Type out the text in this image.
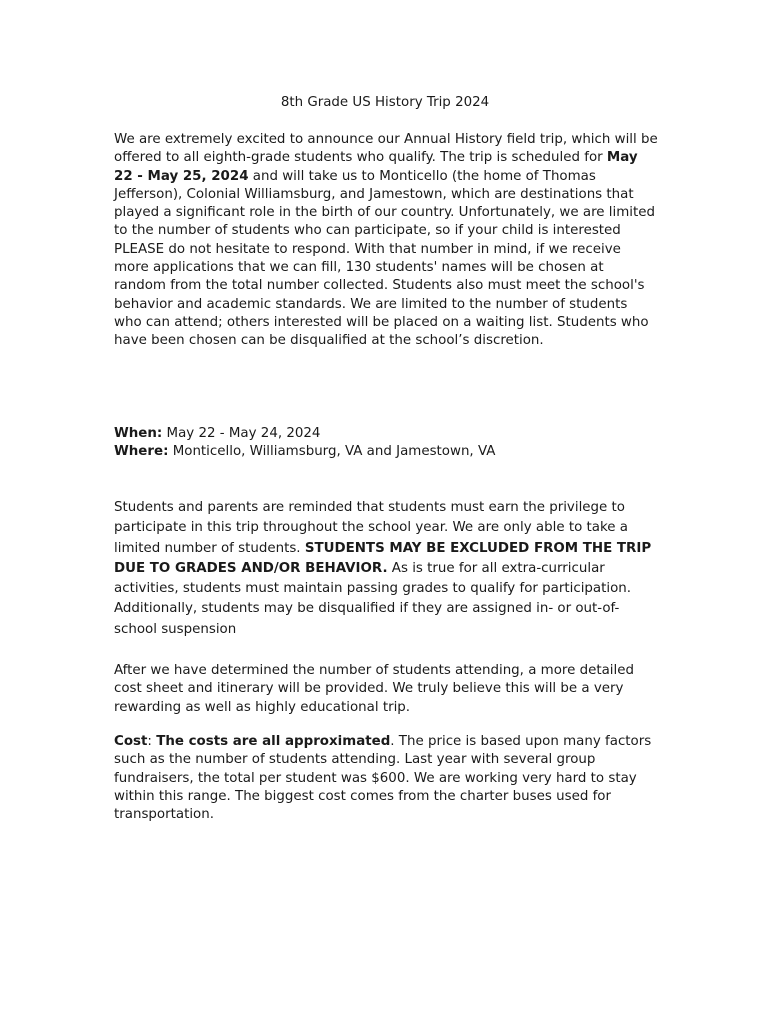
8th Grade US History Trip 2024

We are extremely excited to announce our Annual History field trip, which will be offered to all eighth-grade students who qualify. The trip is scheduled for May 22 - May 25, 2024 and will take us to Monticello (the home of Thomas Jefferson), Colonial Williamsburg, and Jamestown, which are destinations that played a significant role in the birth of our country. Unfortunately, we are limited to the number of students who can participate, so if your child is interested PLEASE do not hesitate to respond. With that number in mind, if we receive more applications that we can fill, 130 students' names will be chosen at random from the total number collected. Students also must meet the school's behavior and academic standards. We are limited to the number of students who can attend; others interested will be placed on a waiting list. Students who have been chosen can be disqualified at the school’s discretion.

When: May 22 - May 24, 2024

Where: Monticello, Williamsburg, VA and Jamestown, VA

Students and parents are reminded that students must earn the privilege to participate in this trip throughout the school year. We are only able to take a limited number of students. STUDENTS MAY BE EXCLUDED FROM THE TRIP DUE TO GRADES AND/OR BEHAVIOR. As is true for all extra-curricular activities, students must maintain passing grades to qualify for participation. Additionally, students may be disqualified if they are assigned in- or out-of-school suspension

After we have determined the number of students attending, a more detailed cost sheet and itinerary will be provided. We truly believe this will be a very rewarding as well as highly educational trip.

Cost: The costs are all approximated. The price is based upon many factors such as the number of students attending. Last year with several group fundraisers, the total per student was $600. We are working very hard to stay within this range. The biggest cost comes from the charter buses used for transportation.
